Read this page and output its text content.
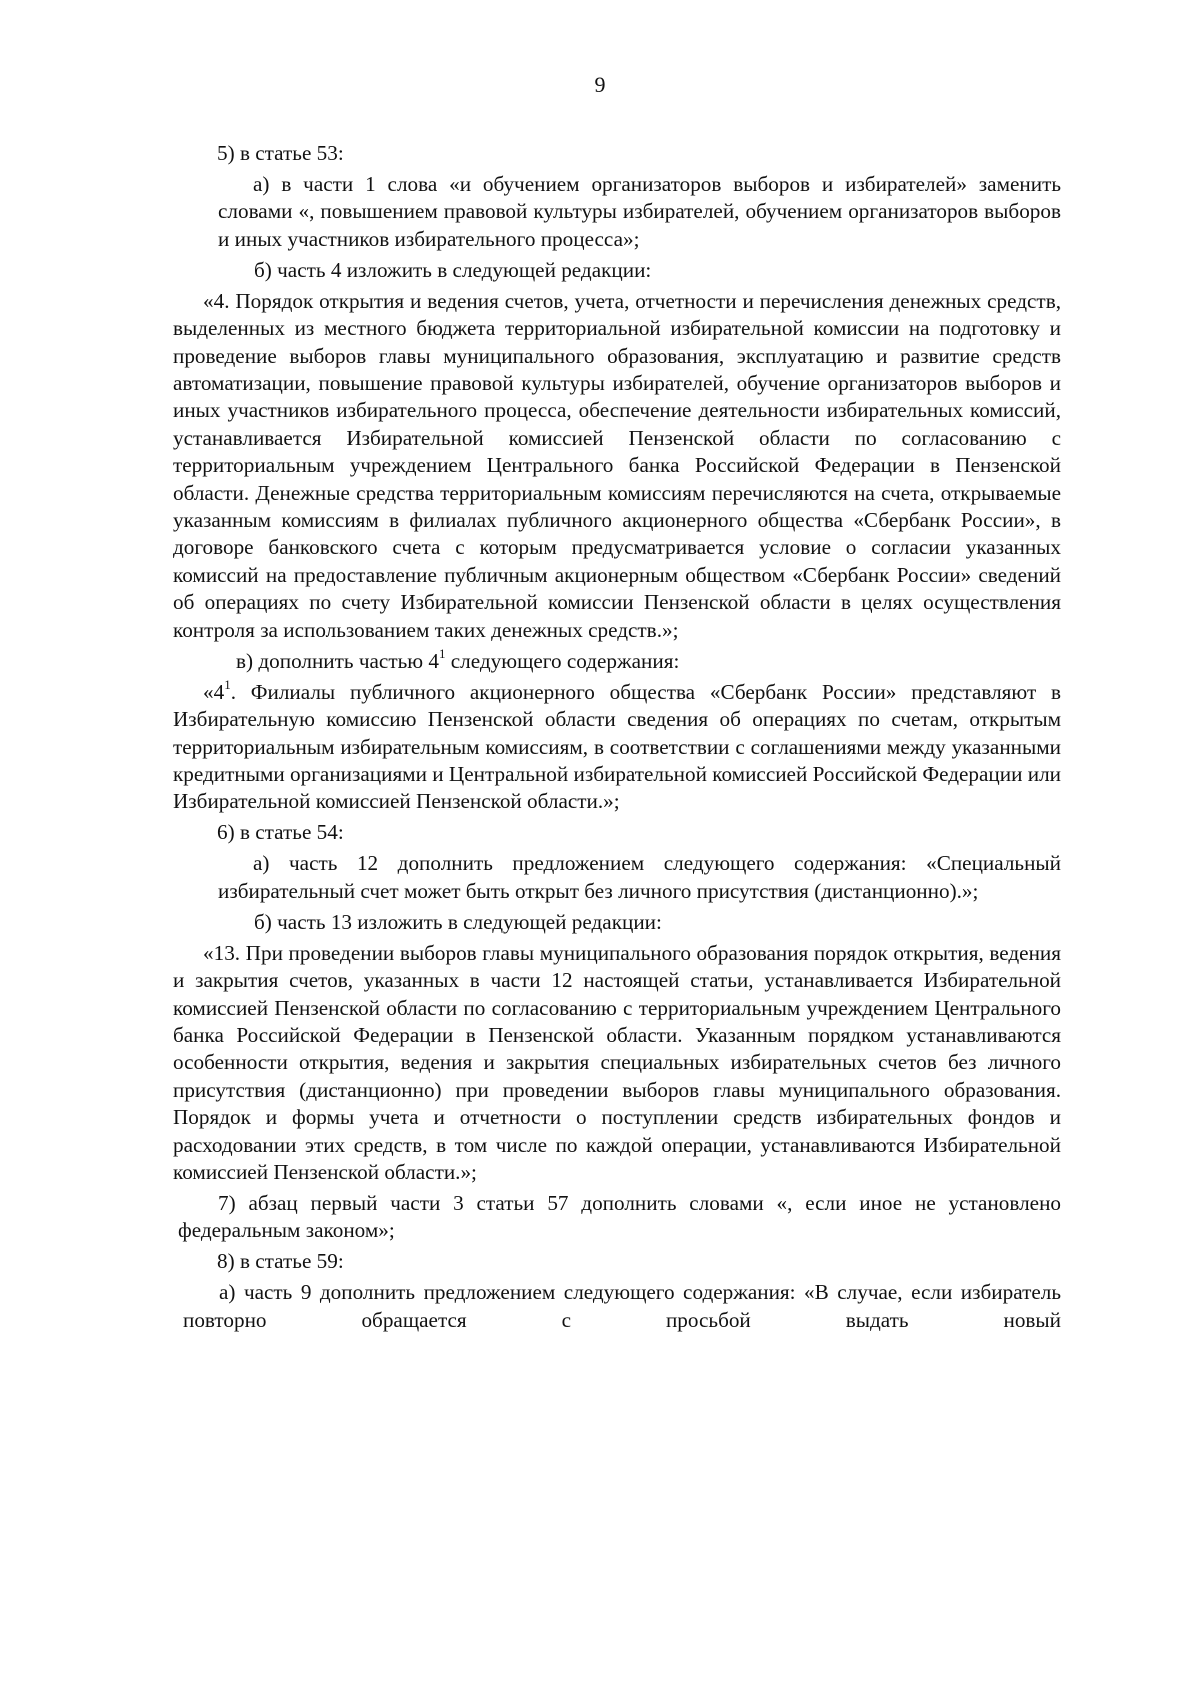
9

5) в статье 53:

а) в части 1 слова «и обучением организаторов выборов и избирателей» заменить словами «, повышением правовой культуры избирателей, обучением организаторов выборов и иных участников избирательного процесса»;

б) часть 4 изложить в следующей редакции:

«4. Порядок открытия и ведения счетов, учета, отчетности и перечисления денежных средств, выделенных из местного бюджета территориальной избирательной комиссии на подготовку и проведение выборов главы муниципального образования, эксплуатацию и развитие средств автоматизации, повышение правовой культуры избирателей, обучение организаторов выборов и иных участников избирательного процесса, обеспечение деятельности избирательных комиссий, устанавливается Избирательной комиссией Пензенской области по согласованию с территориальным учреждением Центрального банка Российской Федерации в Пензенской области. Денежные средства территориальным комиссиям перечисляются на счета, открываемые указанным комиссиям в филиалах публичного акционерного общества «Сбербанк России», в договоре банковского счета с которым предусматривается условие о согласии указанных комиссий на предоставление публичным акционерным обществом «Сбербанк России» сведений об операциях по счету Избирательной комиссии Пензенской области в целях осуществления контроля за использованием таких денежных средств.»;

в) дополнить частью $4^1$ следующего содержания:

«$4^1$. Филиалы публичного акционерного общества «Сбербанк России» представляют в Избирательную комиссию Пензенской области сведения об операциях по счетам, открытым территориальным избирательным комиссиям, в соответствии с соглашениями между указанными кредитными организациями и Центральной избирательной комиссией Российской Федерации или Избирательной комиссией Пензенской области.»;

6) в статье 54:

а) часть 12 дополнить предложением следующего содержания: «Специальный избирательный счет может быть открыт без личного присутствия (дистанционно).»;

б) часть 13 изложить в следующей редакции:

«13. При проведении выборов главы муниципального образования порядок открытия, ведения и закрытия счетов, указанных в части 12 настоящей статьи, устанавливается Избирательной комиссией Пензенской области по согласованию с территориальным учреждением Центрального банка Российской Федерации в Пензенской области. Указанным порядком устанавливаются особенности открытия, ведения и закрытия специальных избирательных счетов без личного присутствия (дистанционно) при проведении выборов главы муниципального образования. Порядок и формы учета и отчетности о поступлении средств избирательных фондов и расходовании этих средств, в том числе по каждой операции, устанавливаются Избирательной комиссией Пензенской области.»;

7) абзац первый части 3 статьи 57 дополнить словами «, если иное не установлено федеральным законом»;

8) в статье 59:

а) часть 9 дополнить предложением следующего содержания: «В случае, если избиратель повторно обращается с просьбой выдать новый
